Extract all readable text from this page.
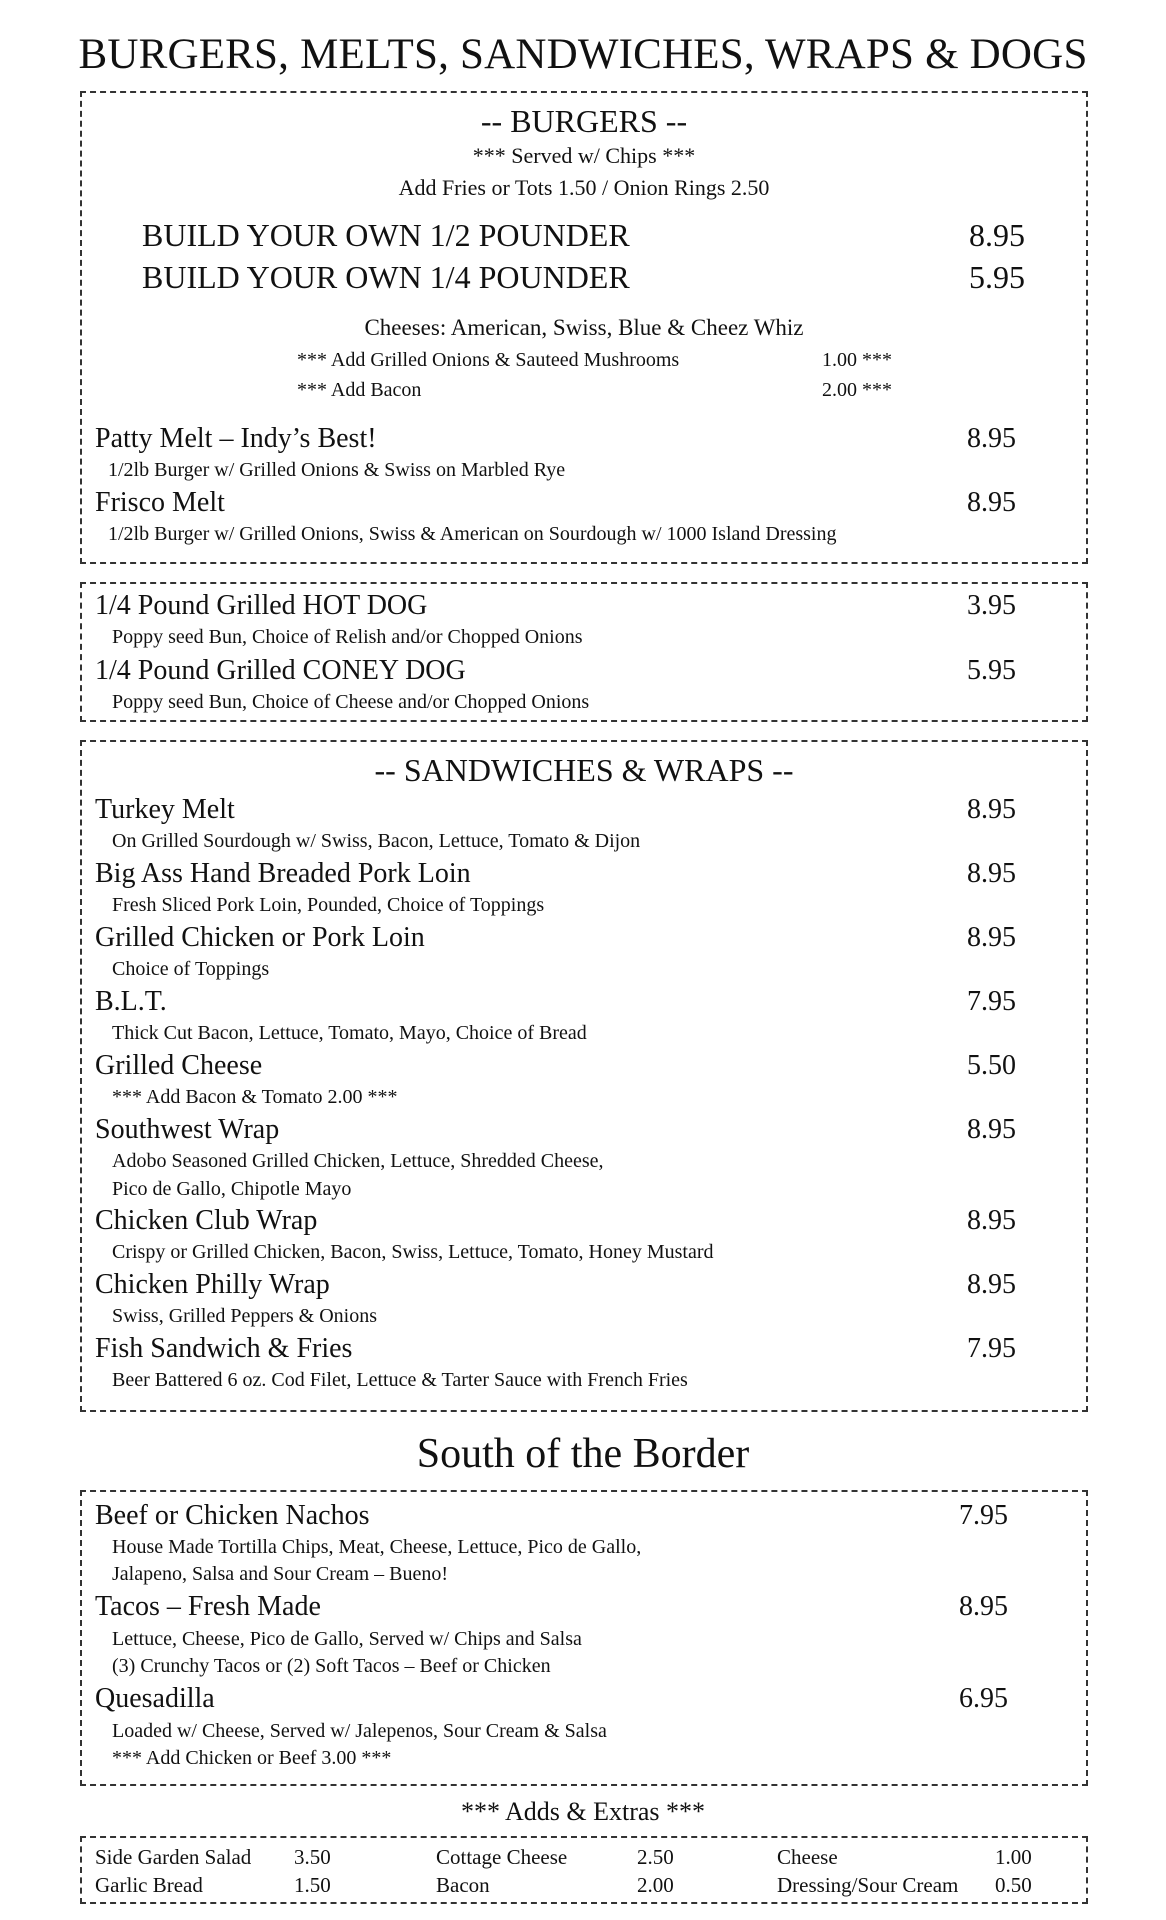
BURGERS, MELTS, SANDWICHES, WRAPS & DOGS
-- BURGERS --
*** Served w/ Chips ***
Add Fries or Tots 1.50 / Onion Rings 2.50
BUILD YOUR OWN 1/2 POUNDER	8.95
BUILD YOUR OWN 1/4 POUNDER	5.95
Cheeses: American, Swiss, Blue & Cheez Whiz
*** Add Grilled Onions & Sauteed Mushrooms	1.00 ***
*** Add Bacon	2.00 ***
Patty Melt – Indy’s Best!	8.95
1/2lb Burger w/ Grilled Onions & Swiss on Marbled Rye
Frisco Melt	8.95
1/2lb Burger w/ Grilled Onions, Swiss & American on Sourdough w/ 1000 Island Dressing
1/4 Pound Grilled HOT DOG	3.95
Poppy seed Bun, Choice of Relish and/or Chopped Onions
1/4 Pound Grilled CONEY DOG	5.95
Poppy seed Bun, Choice of Cheese and/or Chopped Onions
-- SANDWICHES & WRAPS --
Turkey Melt	8.95
On Grilled Sourdough w/ Swiss, Bacon, Lettuce, Tomato & Dijon
Big Ass Hand Breaded Pork Loin	8.95
Fresh Sliced Pork Loin, Pounded, Choice of Toppings
Grilled Chicken or Pork Loin	8.95
Choice of Toppings
B.L.T.	7.95
Thick Cut Bacon, Lettuce, Tomato, Mayo, Choice of Bread
Grilled Cheese	5.50
*** Add Bacon & Tomato 2.00 ***
Southwest Wrap	8.95
Adobo Seasoned Grilled Chicken, Lettuce, Shredded Cheese,
Pico de Gallo, Chipotle Mayo
Chicken Club Wrap	8.95
Crispy or Grilled Chicken, Bacon, Swiss, Lettuce, Tomato, Honey Mustard
Chicken Philly Wrap	8.95
Swiss, Grilled Peppers & Onions
Fish Sandwich & Fries	7.95
Beer Battered 6 oz. Cod Filet, Lettuce & Tarter Sauce with French Fries
South of the Border
Beef or Chicken Nachos	7.95
House Made Tortilla Chips, Meat, Cheese, Lettuce, Pico de Gallo,
Jalapeno, Salsa and Sour Cream – Bueno!
Tacos – Fresh Made	8.95
Lettuce, Cheese, Pico de Gallo, Served w/ Chips and Salsa
(3) Crunchy Tacos or (2) Soft Tacos – Beef or Chicken
Quesadilla	6.95
Loaded w/ Cheese, Served w/ Jalepenos, Sour Cream & Salsa
*** Add Chicken or Beef 3.00 ***
*** Adds & Extras ***
Side Garden Salad 3.50	Cottage Cheese	2.50	Cheese	1.00
Garlic Bread	1.50	Bacon	2.00	Dressing/Sour Cream 0.50
